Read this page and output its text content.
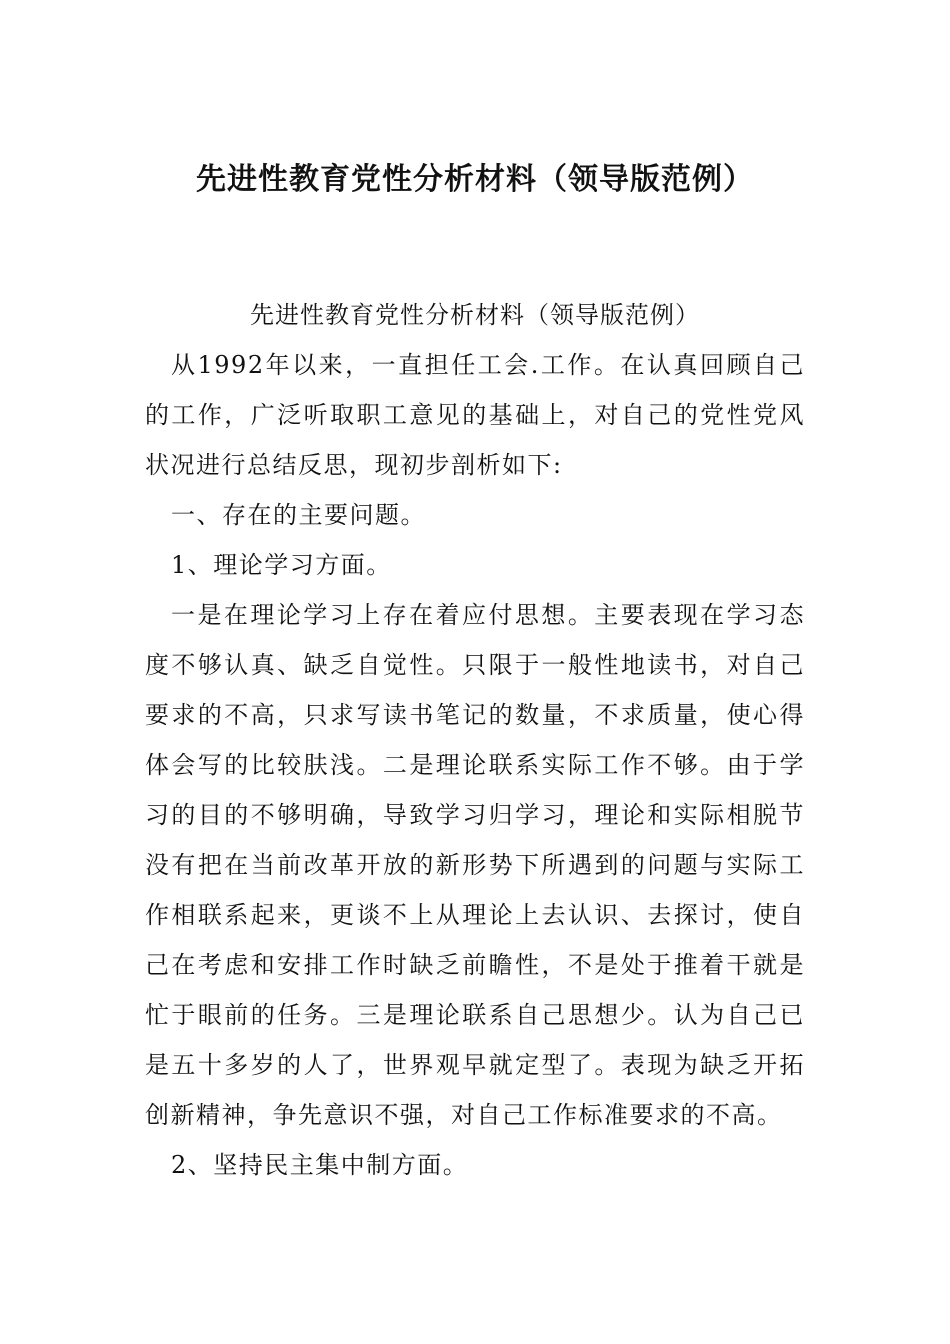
先进性教育党性分析材料（领导版范例）

先进性教育党性分析材料（领导版范例）

从1992年以来，一直担任工会.工作。在认真回顾自己的工作，广泛听取职工意见的基础上，对自己的党性党风状况进行总结反思，现初步剖析如下:

一、存在的主要问题。

1、理论学习方面。

一是在理论学习上存在着应付思想。主要表现在学习态度不够认真、缺乏自觉性。只限于一般性地读书，对自己要求的不高，只求写读书笔记的数量，不求质量，使心得体会写的比较肤浅。二是理论联系实际工作不够。由于学习的目的不够明确，导致学习归学习，理论和实际相脱节没有把在当前改革开放的新形势下所遇到的问题与实际工作相联系起来，更谈不上从理论上去认识、去探讨，使自己在考虑和安排工作时缺乏前瞻性，不是处于推着干就是忙于眼前的任务。三是理论联系自己思想少。认为自己已是五十多岁的人了，世界观早就定型了。表现为缺乏开拓创新精神，争先意识不强，对自己工作标准要求的不高。

2、坚持民主集中制方面。
